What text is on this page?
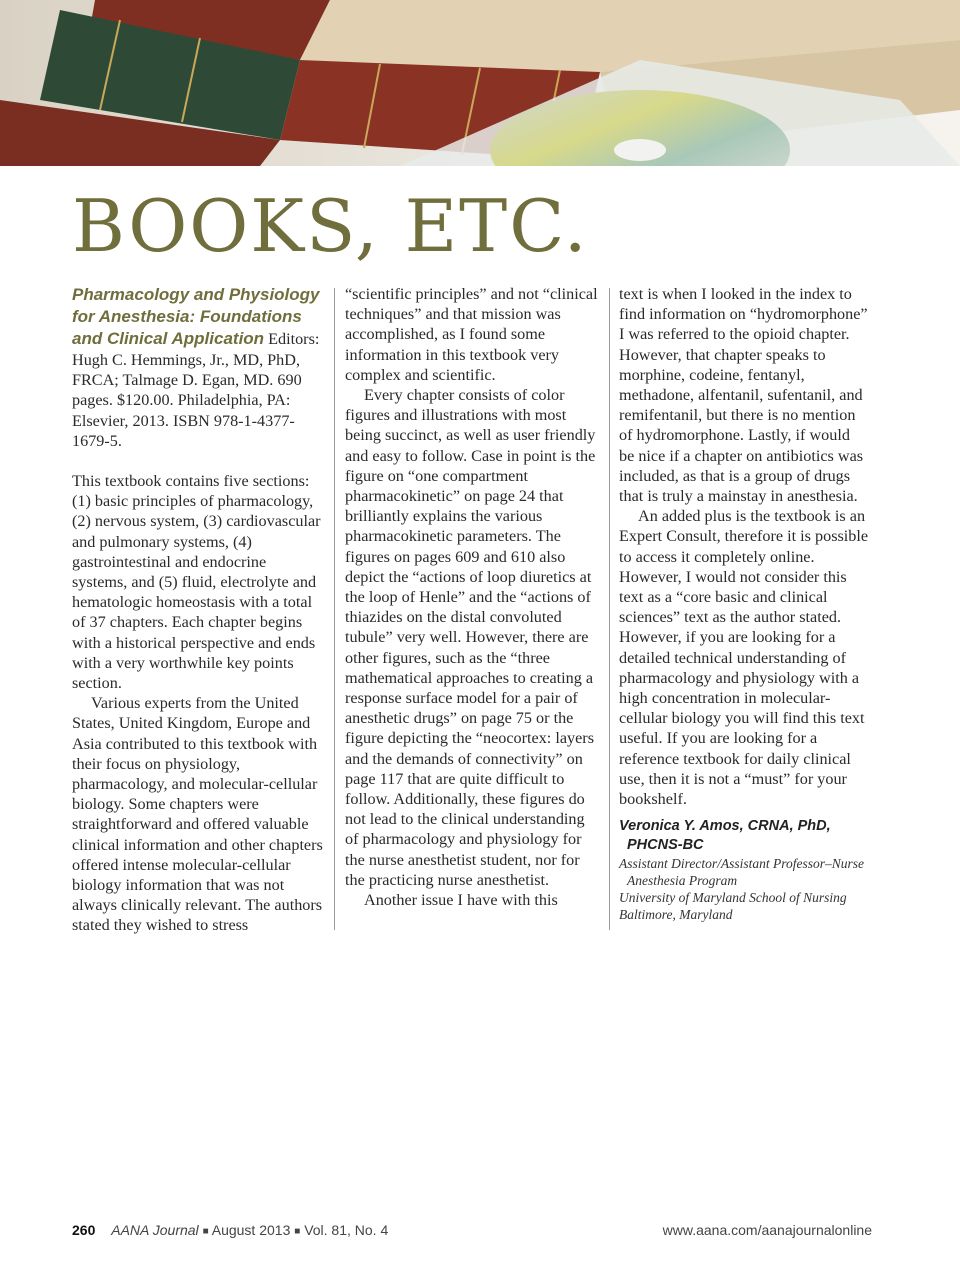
BOOKS, ETC.

Pharmacology and Physiology for Anesthesia: Foundations and Clinical Application Editors: Hugh C. Hemmings, Jr., MD, PhD, FRCA; Talmage D. Egan, MD. 690 pages. $120.00. Philadelphia, PA: Elsevier, 2013. ISBN 978-1-4377-1679-5.

This textbook contains five sections: (1) basic principles of pharmacology, (2) nervous system, (3) cardiovascular and pulmonary systems, (4) gastrointestinal and endocrine systems, and (5) fluid, electrolyte and hematologic homeostasis with a total of 37 chapters. Each chapter begins with a historical perspective and ends with a very worthwhile key points section.

Various experts from the United States, United Kingdom, Europe and Asia contributed to this textbook with their focus on physiology, pharmacology, and molecular-cellular biology. Some chapters were straightforward and offered valuable clinical information and other chapters offered intense molecular-cellular biology information that was not always clinically relevant. The authors stated they wished to stress

“scientific principles” and not “clinical techniques” and that mission was accomplished, as I found some information in this textbook very complex and scientific.

Every chapter consists of color figures and illustrations with most being succinct, as well as user friendly and easy to follow. Case in point is the figure on “one compartment pharmacokinetic” on page 24 that brilliantly explains the various pharmacokinetic parameters. The figures on pages 609 and 610 also depict the “actions of loop diuretics at the loop of Henle” and the “actions of thiazides on the distal convoluted tubule” very well. However, there are other figures, such as the “three mathematical approaches to creating a response surface model for a pair of anesthetic drugs” on page 75 or the figure depicting the “neocortex: layers and the demands of connectivity” on page 117 that are quite difficult to follow. Additionally, these figures do not lead to the clinical understanding of pharmacology and physiology for the nurse anesthetist student, nor for the practicing nurse anesthetist.

Another issue I have with this

text is when I looked in the index to find information on “hydromorphone” I was referred to the opioid chapter. However, that chapter speaks to morphine, codeine, fentanyl, methadone, alfentanil, sufentanil, and remifentanil, but there is no mention of hydromorphone. Lastly, if would be nice if a chapter on antibiotics was included, as that is a group of drugs that is truly a mainstay in anesthesia.

An added plus is the textbook is an Expert Consult, therefore it is possible to access it completely online. However, I would not consider this text as a “core basic and clinical sciences” text as the author stated. However, if you are looking for a detailed technical understanding of pharmacology and physiology with a high concentration in molecular-cellular biology you will find this text useful. If you are looking for a reference textbook for daily clinical use, then it is not a “must” for your bookshelf.

Veronica Y. Amos, CRNA, PhD,
PHCNS-BC

Assistant Director/Assistant Professor–Nurse
Anesthesia Program
University of Maryland School of Nursing
Baltimore, Maryland

260 AANA Journal ■ August 2013 ■ Vol. 81, No. 4	www.aana.com/aanajournalonline
